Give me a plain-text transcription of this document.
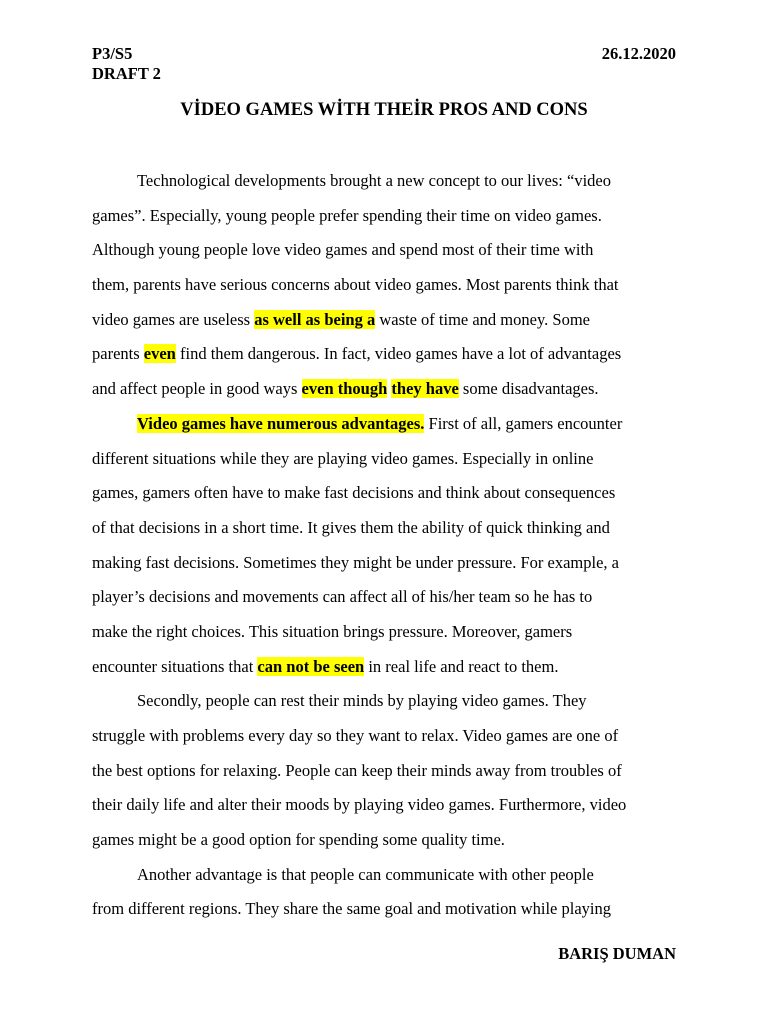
P3/S5
DRAFT 2
26.12.2020
VİDEO GAMES WİTH THEİR PROS AND CONS
Technological developments brought a new concept to our lives: “video
games”. Especially, young people prefer spending their time on video games.
Although young people love video games and spend most of their time with
them, parents have serious concerns about video games. Most parents think that
video games are useless as well as being a waste of time and money. Some
parents even find them dangerous. In fact, video games have a lot of advantages
and affect people in good ways even though they have some disadvantages.
Video games have numerous advantages. First of all, gamers encounter
different situations while they are playing video games. Especially in online
games, gamers often have to make fast decisions and think about consequences
of that decisions in a short time. It gives them the ability of quick thinking and
making fast decisions. Sometimes they might be under pressure. For example, a
player’s decisions and movements can affect all of his/her team so he has to
make the right choices. This situation brings pressure. Moreover, gamers
encounter situations that can not be seen in real life and react to them.
Secondly, people can rest their minds by playing video games. They
struggle with problems every day so they want to relax. Video games are one of
the best options for relaxing. People can keep their minds away from troubles of
their daily life and alter their moods by playing video games. Furthermore, video
games might be a good option for spending some quality time.
Another advantage is that people can communicate with other people
from different regions. They share the same goal and motivation while playing
BARIŞ DUMAN
